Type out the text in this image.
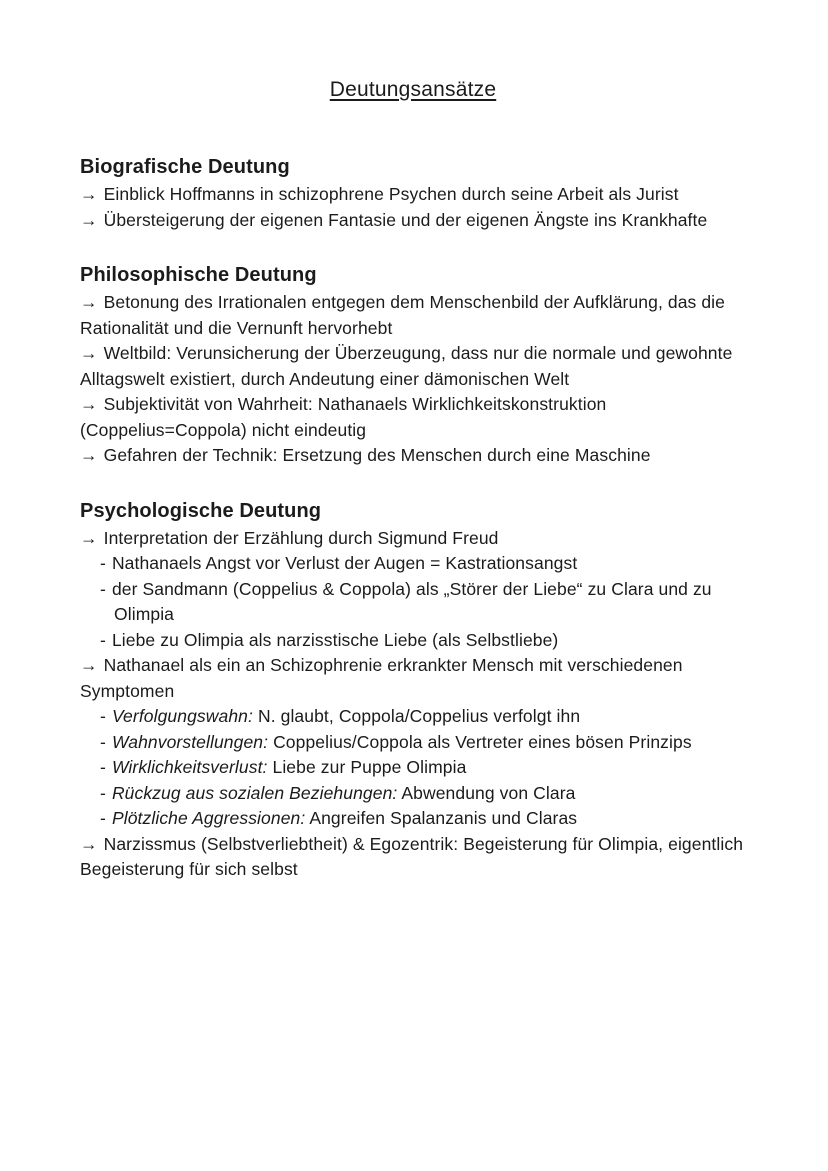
Deutungsansätze
Biografische Deutung

→ Einblick Hoffmanns in schizophrene Psychen durch seine Arbeit als Jurist

→ Übersteigerung der eigenen Fantasie und der eigenen Ängste ins Krankhafte

Philosophische Deutung

→ Betonung des Irrationalen entgegen dem Menschenbild der Aufklärung, das die Rationalität und die Vernunft hervorhebt

→ Weltbild: Verunsicherung der Überzeugung, dass nur die normale und gewohnte Alltagswelt existiert, durch Andeutung einer dämonischen Welt

→ Subjektivität von Wahrheit: Nathanaels Wirklichkeitskonstruktion (Coppelius=Coppola) nicht eindeutig

→ Gefahren der Technik: Ersetzung des Menschen durch eine Maschine

Psychologische Deutung

→ Interpretation der Erzählung durch Sigmund Freud

- Nathanaels Angst vor Verlust der Augen = Kastrationsangst

- der Sandmann (Coppelius & Coppola) als „Störer der Liebe“ zu Clara und zu Olimpia

- Liebe zu Olimpia als narzisstische Liebe (als Selbstliebe)

→ Nathanael als ein an Schizophrenie erkrankter Mensch mit verschiedenen Symptomen

- Verfolgungswahn: N. glaubt, Coppola/Coppelius verfolgt ihn

- Wahnvorstellungen: Coppelius/Coppola als Vertreter eines bösen Prinzips

- Wirklichkeitsverlust: Liebe zur Puppe Olimpia

- Rückzug aus sozialen Beziehungen: Abwendung von Clara

- Plötzliche Aggressionen: Angreifen Spalanzanis und Claras

→ Narzissmus (Selbstverliebtheit) & Egozentrik: Begeisterung für Olimpia, eigentlich Begeisterung für sich selbst
